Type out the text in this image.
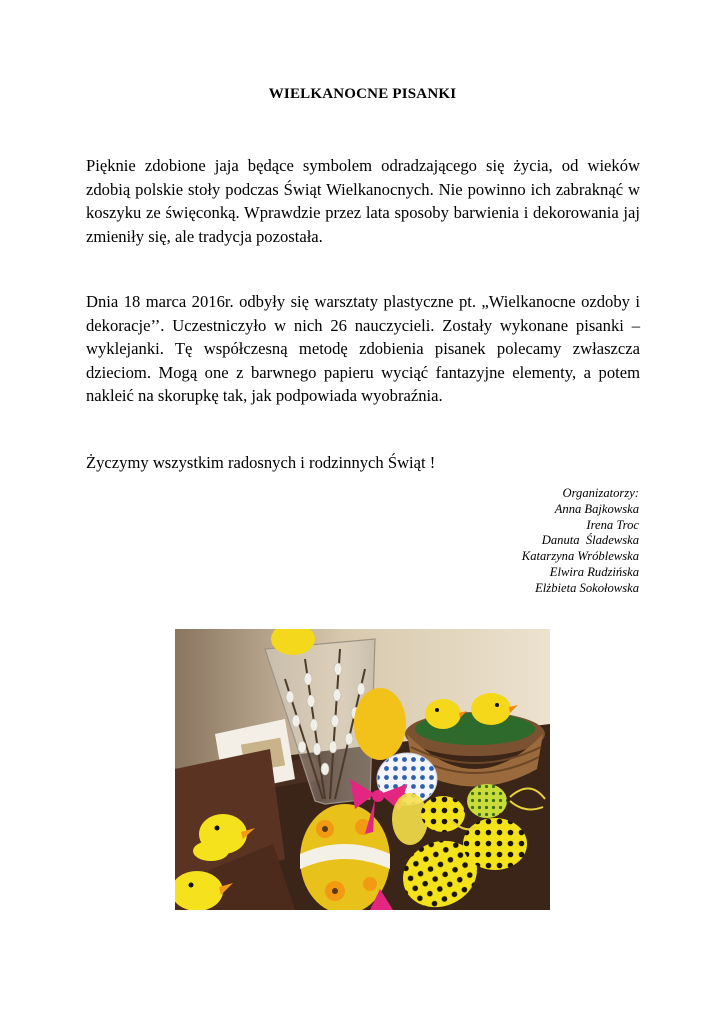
WIELKANOCNE PISANKI

Pięknie zdobione jaja będące symbolem odradzającego się życia, od wieków zdobią polskie stoły podczas Świąt Wielkanocnych. Nie powinno ich zabraknąć w koszyku ze święconką. Wprawdzie przez lata sposoby barwienia i dekorowania jaj zmieniły się, ale tradycja pozostała.

Dnia 18 marca 2016r. odbyły się warsztaty plastyczne pt. „Wielkanocne ozdoby i dekoracje’’. Uczestniczyło w nich 26 nauczycieli. Zostały wykonane pisanki – wyklejanki. Tę współczesną metodę zdobienia pisanek polecamy zwłaszcza dzieciom. Mogą one z barwnego papieru wyciąć fantazyjne elementy, a potem nakleić na skorupkę tak, jak podpowiada wyobraźnia.

Życzymy wszystkim radosnych i rodzinnych Świąt !

Organizatorzy:
Anna Bajkowska
Irena Troc
Danuta  Śladewska
Katarzyna Wróblewska
Elwira Rudzińska
Elżbieta Sokołowska
